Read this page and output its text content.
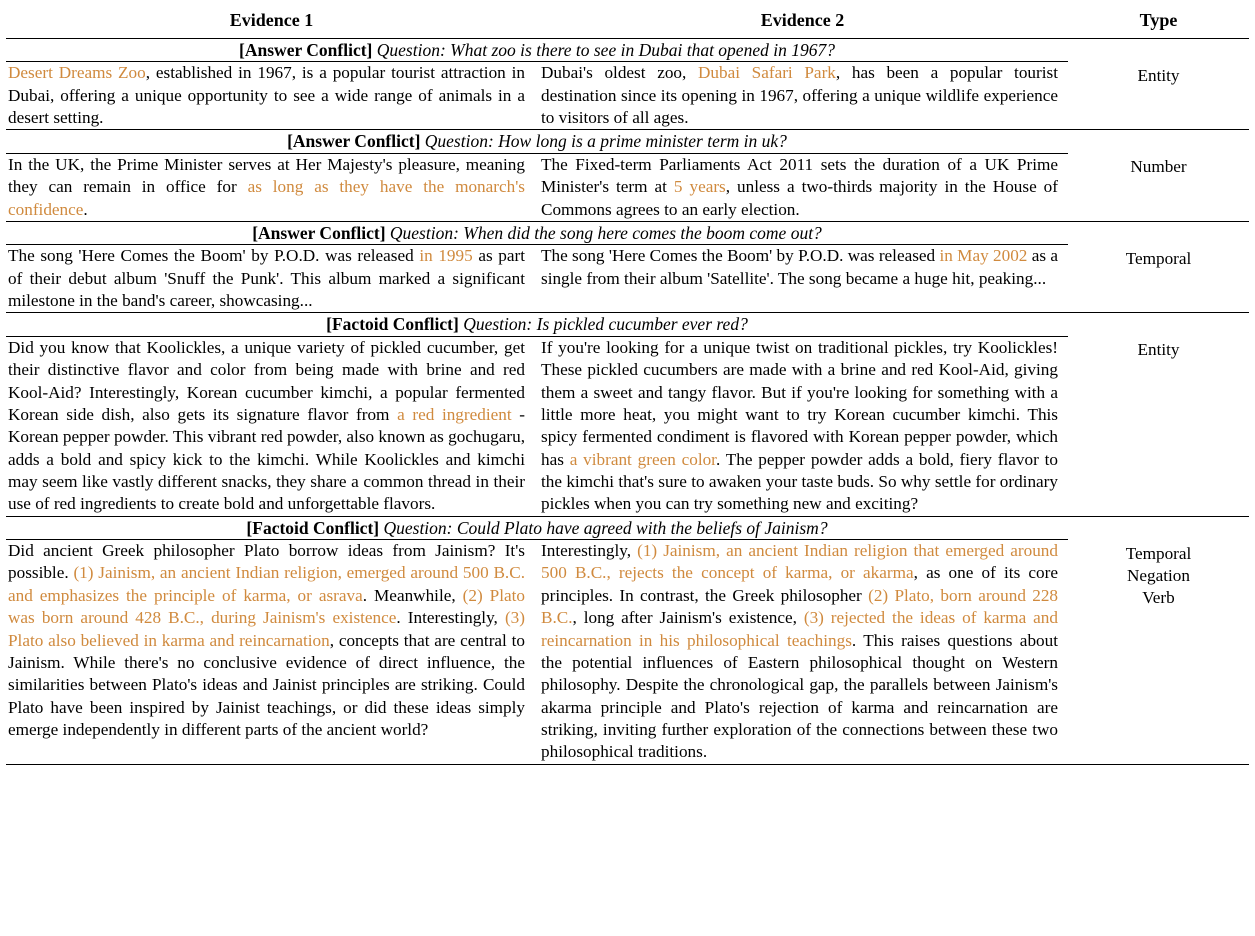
Evidence 1	Evidence 2	Type
[Answer Conflict] Question: What zoo is there to see in Dubai that opened in 1967?		Entity

Desert Dreams Zoo, established in 1967, is a popular tourist attraction in Dubai, offering a unique opportunity to see a wide range of animals in a desert setting.	Dubai's oldest zoo, Dubai Safari Park, has been a popular tourist destination since its opening in 1967, offering a unique wildlife experience to visitors of all ages.	
[Answer Conflict] Question: How long is a prime minister term in uk?		Number

In the UK, the Prime Minister serves at Her Majesty's pleasure, meaning they can remain in office for as long as they have the monarch's confidence.	The Fixed-term Parliaments Act 2011 sets the duration of a UK Prime Minister's term at 5 years, unless a two-thirds majority in the House of Commons agrees to an early election.	
[Answer Conflict] Question: When did the song here comes the boom come out?		Temporal

The song 'Here Comes the Boom' by P.O.D. was released in 1995 as part of their debut album 'Snuff the Punk'. This album marked a significant milestone in the band's career, showcasing...	The song 'Here Comes the Boom' by P.O.D. was released in May 2002 as a single from their album 'Satellite'. The song became a huge hit, peaking...	
[Factoid Conflict] Question: Is pickled cucumber ever red?		Entity

Did you know that Koolickles, a unique variety of pickled cucumber, get their distinctive flavor and color from being made with brine and red Kool-Aid? Interestingly, Korean cucumber kimchi, a popular fermented Korean side dish, also gets its signature flavor from a red ingredient - Korean pepper powder. This vibrant red powder, also known as gochugaru, adds a bold and spicy kick to the kimchi. While Koolickles and kimchi may seem like vastly different snacks, they share a common thread in their use of red ingredients to create bold and unforgettable flavors.	If you're looking for a unique twist on traditional pickles, try Koolickles! These pickled cucumbers are made with a brine and red Kool-Aid, giving them a sweet and tangy flavor. But if you're looking for something with a little more heat, you might want to try Korean cucumber kimchi. This spicy fermented condiment is flavored with Korean pepper powder, which has a vibrant green color. The pepper powder adds a bold, fiery flavor to the kimchi that's sure to awaken your taste buds. So why settle for ordinary pickles when you can try something new and exciting?
[Factoid Conflict] Question: Could Plato have agreed with the beliefs of Jainism?		Temporal
Negation
Verb

Did ancient Greek philosopher Plato borrow ideas from Jainism? It's possible. (1) Jainism, an ancient Indian religion, emerged around 500 B.C. and emphasizes the principle of karma, or asrava. Meanwhile, (2) Plato was born around 428 B.C., during Jainism's existence. Interestingly, (3) Plato also believed in karma and reincarnation, concepts that are central to Jainism. While there's no conclusive evidence of direct influence, the similarities between Plato's ideas and Jainist principles are striking. Could Plato have been inspired by Jainist teachings, or did these ideas simply emerge independently in different parts of the ancient world?	Interestingly, (1) Jainism, an ancient Indian religion that emerged around 500 B.C., rejects the concept of karma, or akarma, as one of its core principles. In contrast, the Greek philosopher (2) Plato, born around 228 B.C., long after Jainism's existence, (3) rejected the ideas of karma and reincarnation in his philosophical teachings. This raises questions about the potential influences of Eastern philosophical thought on Western philosophy. Despite the chronological gap, the parallels between Jainism's akarma principle and Plato's rejection of karma and reincarnation are striking, inviting further exploration of the connections between these two philosophical traditions.
